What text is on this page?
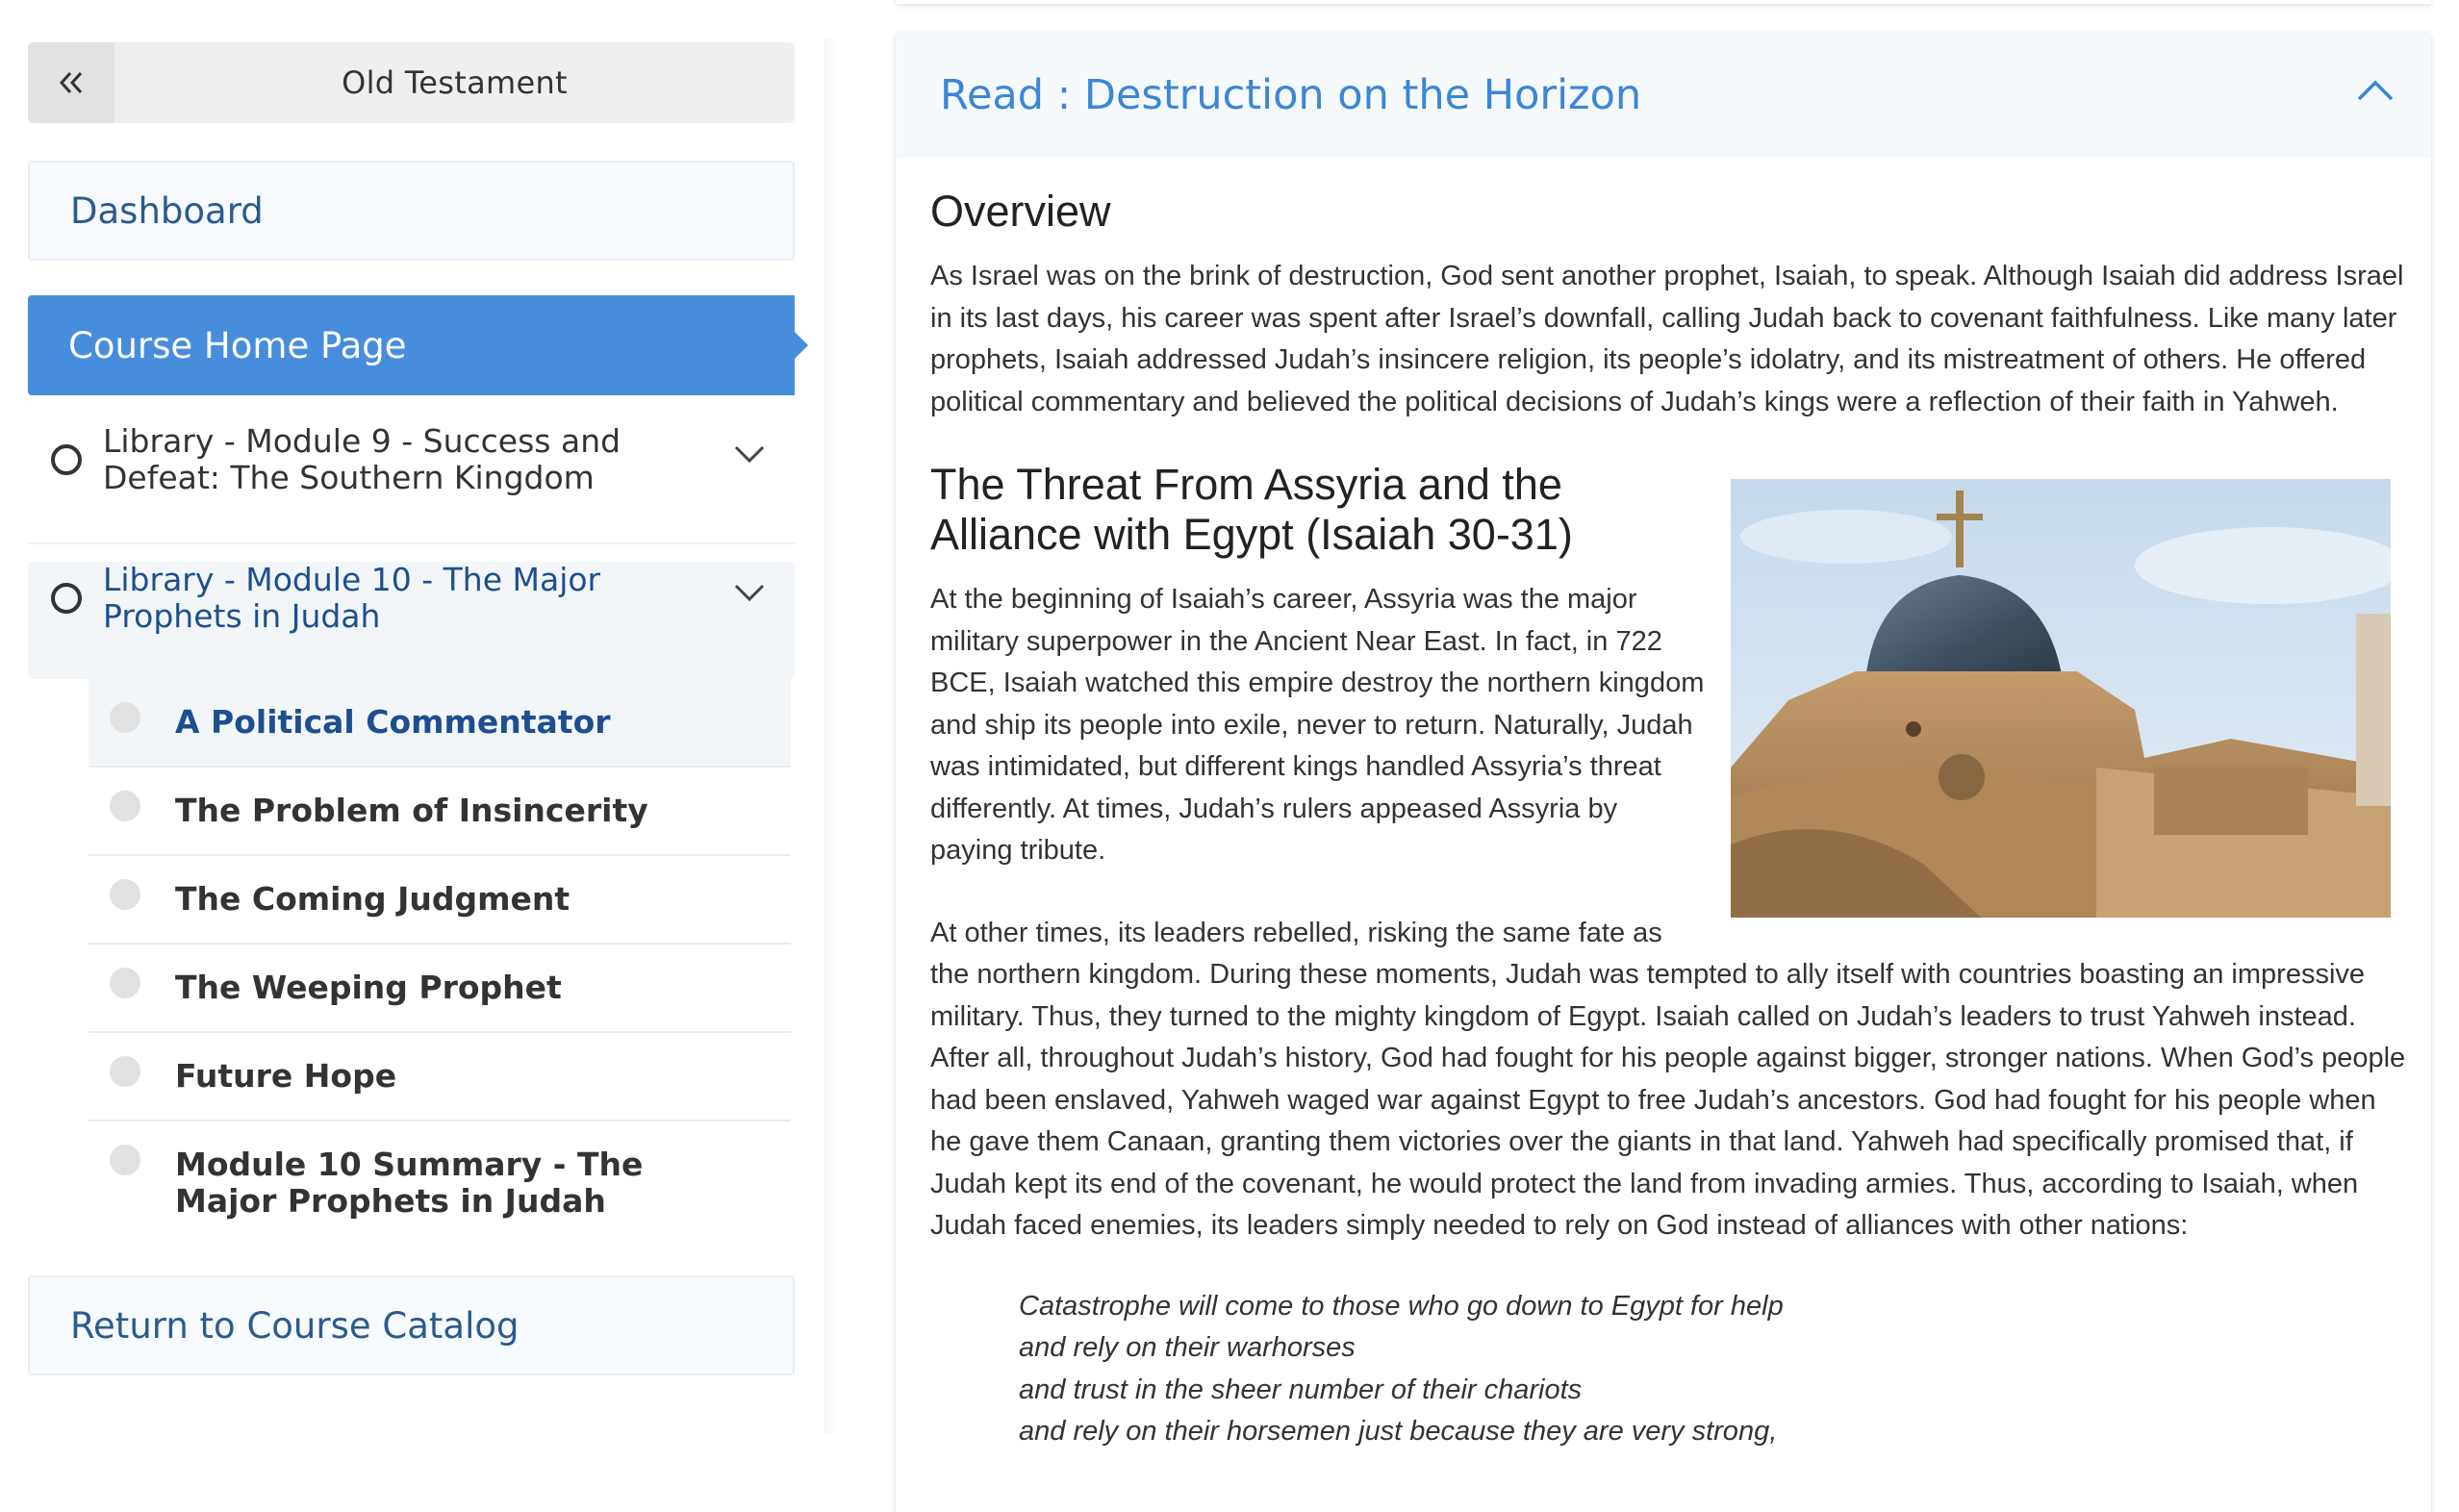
Old Testament
Dashboard
Course Home Page
Library - Module 9 - Success and Defeat: The Southern Kingdom
Library - Module 10 - The Major Prophets in Judah
A Political Commentator
The Problem of Insincerity
The Coming Judgment
The Weeping Prophet
Future Hope
Module 10 Summary - The Major Prophets in Judah
Return to Course Catalog
Read : Destruction on the Horizon
Overview

As Israel was on the brink of destruction, God sent another prophet, Isaiah, to speak. Although Isaiah did address Israel in its last days, his career was spent after Israel’s downfall, calling Judah back to covenant faithfulness. Like many later prophets, Isaiah addressed Judah’s insincere religion, its people’s idolatry, and its mistreatment of others. He offered political commentary and believed the political decisions of Judah’s kings were a reflection of their faith in Yahweh.

The Threat From Assyria and the Alliance with Egypt (Isaiah 30-31)

At the beginning of Isaiah’s career, Assyria was the major military superpower in the Ancient Near East. In fact, in 722 BCE, Isaiah watched this empire destroy the northern kingdom and ship its people into exile, never to return. Naturally, Judah was intimidated, but different kings handled Assyria’s threat differently. At times, Judah’s rulers appeased Assyria by paying tribute.

At other times, its leaders rebelled, risking the same fate as the northern kingdom. During these moments, Judah was tempted to ally itself with countries boasting an impressive military. Thus, they turned to the mighty kingdom of Egypt. Isaiah called on Judah’s leaders to trust Yahweh instead. After all, throughout Judah’s history, God had fought for his people against bigger, stronger nations. When God’s people had been enslaved, Yahweh waged war against Egypt to free Judah’s ancestors. God had fought for his people when he gave them Canaan, granting them victories over the giants in that land. Yahweh had specifically promised that, if Judah kept its end of the covenant, he would protect the land from invading armies. Thus, according to Isaiah, when Judah faced enemies, its leaders simply needed to rely on God instead of alliances with other nations:

Catastrophe will come to those who go down to Egypt for help
and rely on their warhorses
and trust in the sheer number of their chariots
and rely on their horsemen just because they are very strong,
